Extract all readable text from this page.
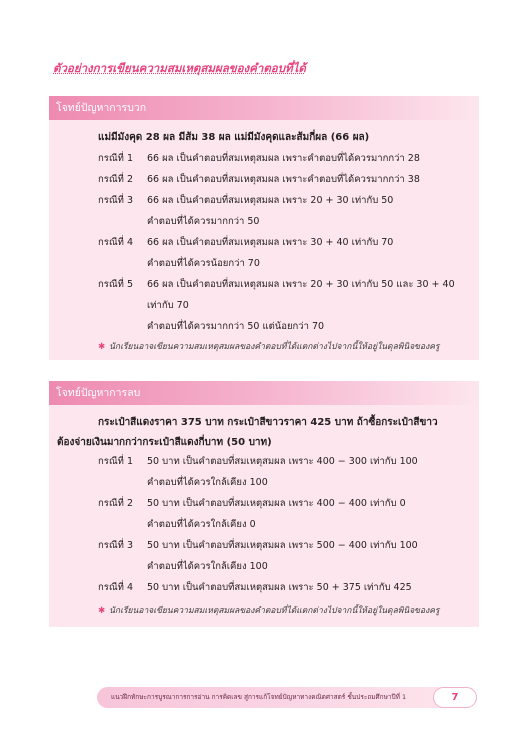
ตัวอย่างการเขียนความสมเหตุสมผลของคำตอบที่ได้
โจทย์ปัญหาการบวก
แม่มีมังคุด 28 ผล มีส้ม 38 ผล แม่มีมังคุดและส้มกี่ผล (66 ผล)
กรณีที่ 1 66 ผล เป็นคำตอบที่สมเหตุสมผล เพราะคำตอบที่ได้ควรมากกว่า 28
กรณีที่ 2 66 ผล เป็นคำตอบที่สมเหตุสมผล เพราะคำตอบที่ได้ควรมากกว่า 38
กรณีที่ 3 66 ผล เป็นคำตอบที่สมเหตุสมผล เพราะ 20 + 30 เท่ากับ 50
คำตอบที่ได้ควรมากกว่า 50
กรณีที่ 4 66 ผล เป็นคำตอบที่สมเหตุสมผล เพราะ 30 + 40 เท่ากับ 70
คำตอบที่ได้ควรน้อยกว่า 70
กรณีที่ 5 66 ผล เป็นคำตอบที่สมเหตุสมผล เพราะ 20 + 30 เท่ากับ 50 และ 30 + 40
เท่ากับ 70
คำตอบที่ได้ควรมากกว่า 50 แต่น้อยกว่า 70
✱ นักเรียนอาจเขียนความสมเหตุสมผลของคำตอบที่ได้แตกต่างไปจากนี้ให้อยู่ในดุลพินิจของครู
โจทย์ปัญหาการลบ
กระเป๋าสีแดงราคา 375 บาท กระเป๋าสีขาวราคา 425 บาท ถ้าซื้อกระเป๋าสีขาว
ต้องจ่ายเงินมากกว่ากระเป๋าสีแดงกี่บาท (50 บาท)
กรณีที่ 1 50 บาท เป็นคำตอบที่สมเหตุสมผล เพราะ 400 − 300 เท่ากับ 100
คำตอบที่ได้ควรใกล้เคียง 100
กรณีที่ 2 50 บาท เป็นคำตอบที่สมเหตุสมผล เพราะ 400 − 400 เท่ากับ 0
คำตอบที่ได้ควรใกล้เคียง 0
กรณีที่ 3 50 บาท เป็นคำตอบที่สมเหตุสมผล เพราะ 500 − 400 เท่ากับ 100
คำตอบที่ได้ควรใกล้เคียง 100
กรณีที่ 4 50 บาท เป็นคำตอบที่สมเหตุสมผล เพราะ 50 + 375 เท่ากับ 425
✱ นักเรียนอาจเขียนความสมเหตุสมผลของคำตอบที่ได้แตกต่างไปจากนี้ให้อยู่ในดุลพินิจของครู
แนวฝึกทักษะการบูรณาการการอ่าน การคิดเลข สู่การแก้โจทย์ปัญหาทางคณิตศาสตร์ ชั้นประถมศึกษาปีที่ 1	7
